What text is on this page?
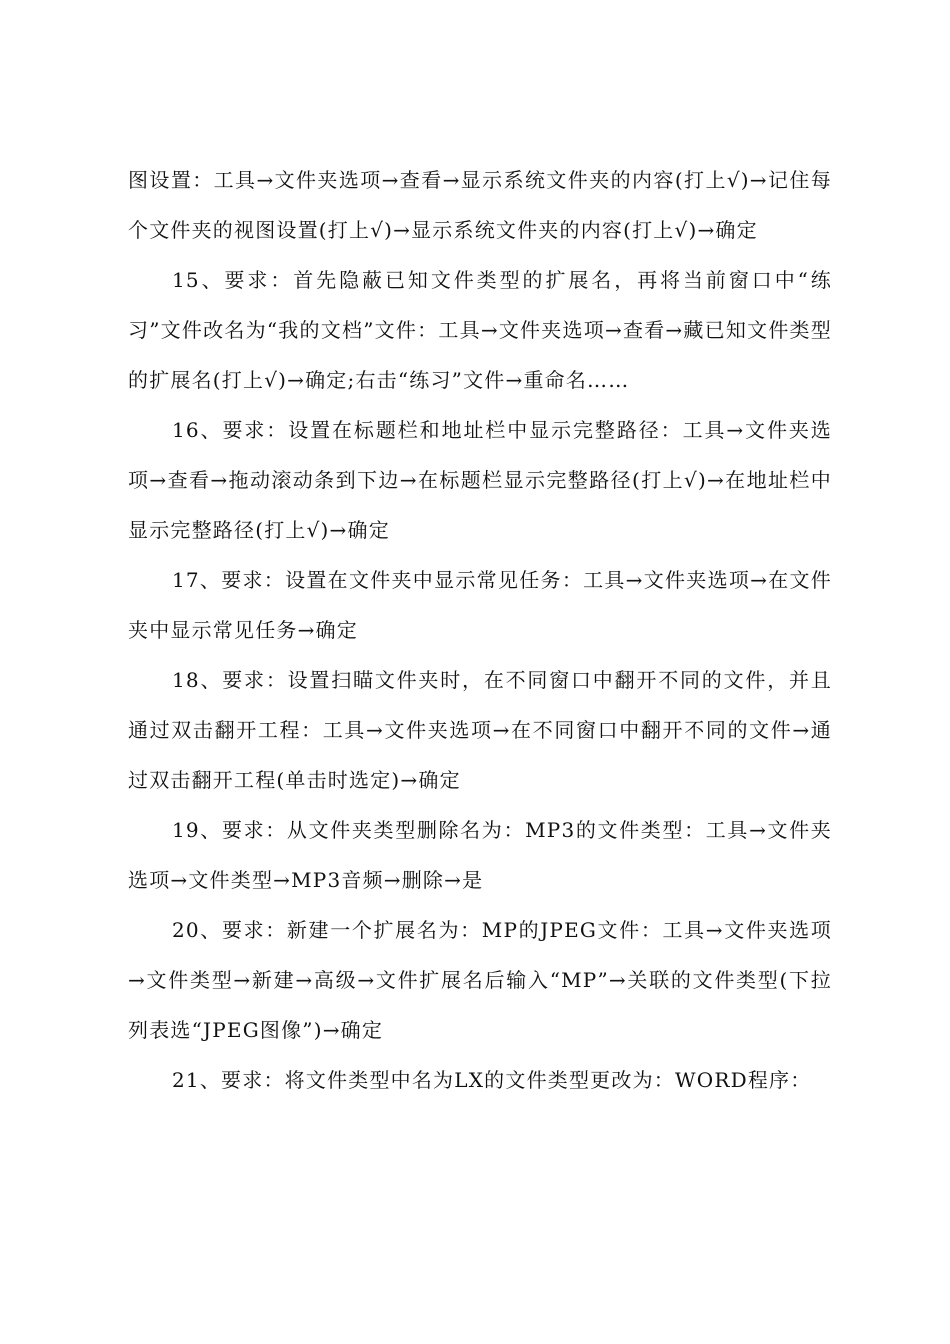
图设置：工具→文件夹选项→查看→显示系统文件夹的内容(打上√)→记住每个文件夹的视图设置(打上√)→显示系统文件夹的内容(打上√)→确定

15、要求：首先隐蔽已知文件类型的扩展名，再将当前窗口中“练习”文件改名为“我的文档”文件：工具→文件夹选项→查看→藏已知文件类型的扩展名(打上√)→确定;右击“练习”文件→重命名……

16、要求：设置在标题栏和地址栏中显示完整路径：工具→文件夹选项→查看→拖动滚动条到下边→在标题栏显示完整路径(打上√)→在地址栏中显示完整路径(打上√)→确定

17、要求：设置在文件夹中显示常见任务：工具→文件夹选项→在文件夹中显示常见任务→确定

18、要求：设置扫瞄文件夹时，在不同窗口中翻开不同的文件，并且通过双击翻开工程：工具→文件夹选项→在不同窗口中翻开不同的文件→通过双击翻开工程(单击时选定)→确定

19、要求：从文件夹类型删除名为：MP3的文件类型：工具→文件夹选项→文件类型→MP3音频→删除→是

20、要求：新建一个扩展名为：MP的JPEG文件：工具→文件夹选项→文件类型→新建→高级→文件扩展名后输入“MP”→关联的文件类型(下拉列表选“JPEG图像”)→确定

21、要求：将文件类型中名为LX的文件类型更改为：WORD程序：
